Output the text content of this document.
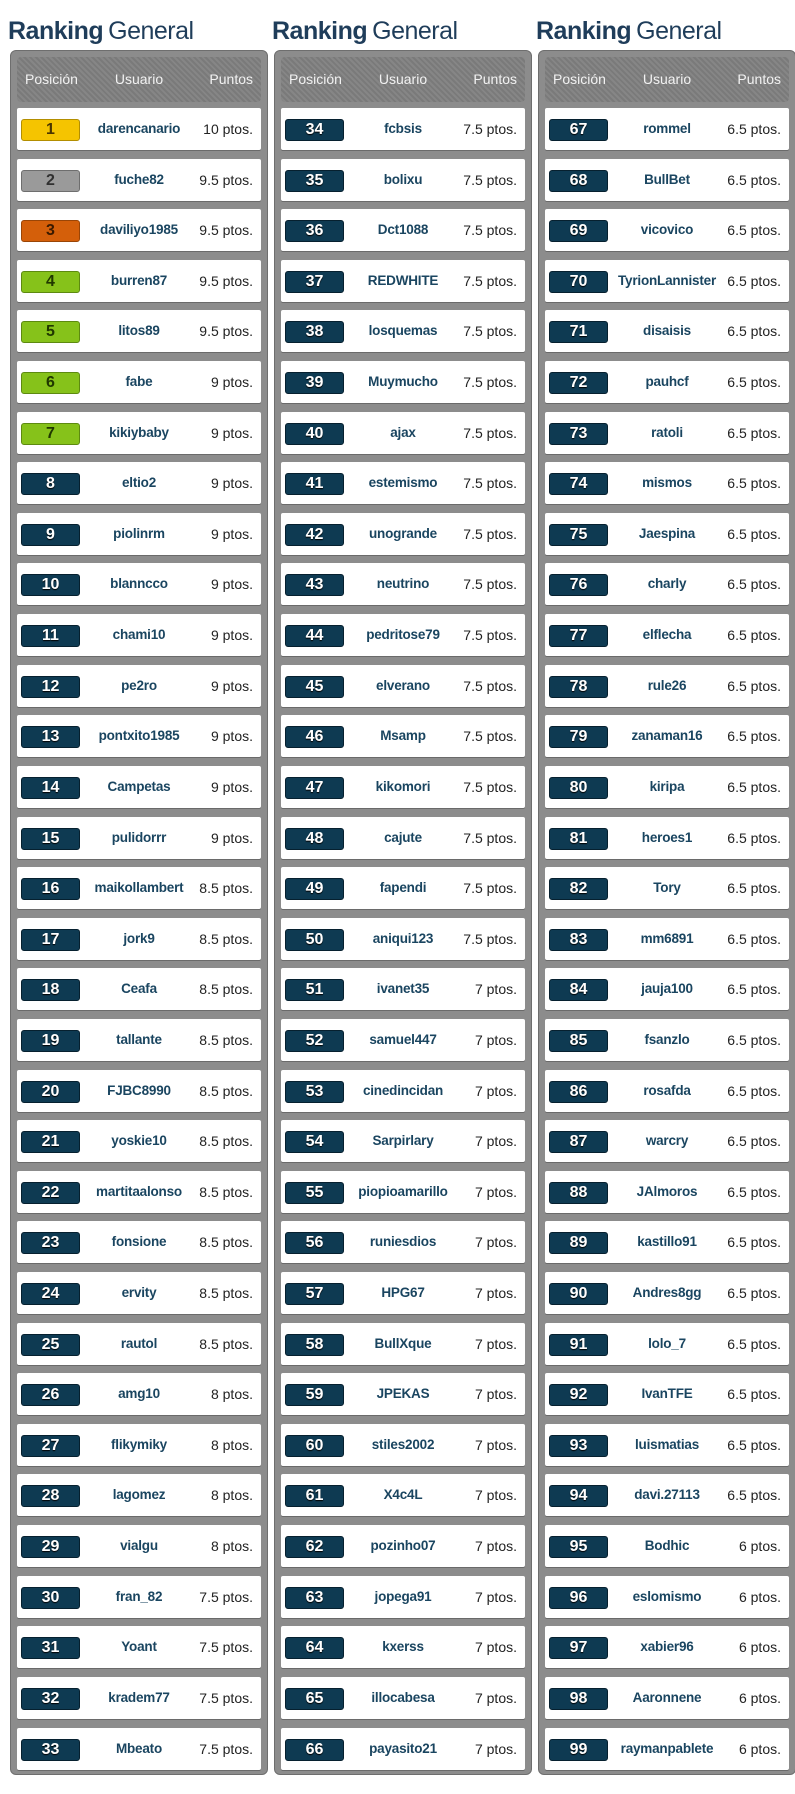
Ranking General
Posición	Usuario	Puntos
1	darencanario	10 ptos.
2	fuche82	9.5 ptos.
3	daviliyo1985	9.5 ptos.
4	burren87	9.5 ptos.
5	litos89	9.5 ptos.
6	fabe	9 ptos.
7	kikiybaby	9 ptos.
8	eltio2	9 ptos.
9	piolinrm	9 ptos.
10	blanncco	9 ptos.
11	chami10	9 ptos.
12	pe2ro	9 ptos.
13	pontxito1985	9 ptos.
14	Campetas	9 ptos.
15	pulidorrr	9 ptos.
16	maikollambert	8.5 ptos.
17	jork9	8.5 ptos.
18	Ceafa	8.5 ptos.
19	tallante	8.5 ptos.
20	FJBC8990	8.5 ptos.
21	yoskie10	8.5 ptos.
22	martitaalonso	8.5 ptos.
23	fonsione	8.5 ptos.
24	ervity	8.5 ptos.
25	rautol	8.5 ptos.
26	amg10	8 ptos.
27	flikymiky	8 ptos.
28	lagomez	8 ptos.
29	vialgu	8 ptos.
30	fran_82	7.5 ptos.
31	Yoant	7.5 ptos.
32	kradem77	7.5 ptos.
33	Mbeato	7.5 ptos.
Ranking General
Posición	Usuario	Puntos
34	fcbsis	7.5 ptos.
35	bolixu	7.5 ptos.
36	Dct1088	7.5 ptos.
37	REDWHITE	7.5 ptos.
38	losquemas	7.5 ptos.
39	Muymucho	7.5 ptos.
40	ajax	7.5 ptos.
41	estemismo	7.5 ptos.
42	unogrande	7.5 ptos.
43	neutrino	7.5 ptos.
44	pedritose79	7.5 ptos.
45	elverano	7.5 ptos.
46	Msamp	7.5 ptos.
47	kikomori	7.5 ptos.
48	cajute	7.5 ptos.
49	fapendi	7.5 ptos.
50	aniqui123	7.5 ptos.
51	ivanet35	7 ptos.
52	samuel447	7 ptos.
53	cinedincidan	7 ptos.
54	Sarpirlary	7 ptos.
55	piopioamarillo	7 ptos.
56	runiesdios	7 ptos.
57	HPG67	7 ptos.
58	BullXque	7 ptos.
59	JPEKAS	7 ptos.
60	stiles2002	7 ptos.
61	X4c4L	7 ptos.
62	pozinho07	7 ptos.
63	jopega91	7 ptos.
64	kxerss	7 ptos.
65	illocabesa	7 ptos.
66	payasito21	7 ptos.
Ranking General
Posición	Usuario	Puntos
67	rommel	6.5 ptos.
68	BullBet	6.5 ptos.
69	vicovico	6.5 ptos.
70	TyrionLannister 6.5 ptos.
71	disaisis	6.5 ptos.
72	pauhcf	6.5 ptos.
73	ratoli	6.5 ptos.
74	mismos	6.5 ptos.
75	Jaespina	6.5 ptos.
76	charly	6.5 ptos.
77	elflecha	6.5 ptos.
78	rule26	6.5 ptos.
79	zanaman16	6.5 ptos.
80	kiripa	6.5 ptos.
81	heroes1	6.5 ptos.
82	Tory	6.5 ptos.
83	mm6891	6.5 ptos.
84	jauja100	6.5 ptos.
85	fsanzlo	6.5 ptos.
86	rosafda	6.5 ptos.
87	warcry	6.5 ptos.
88	JAlmoros	6.5 ptos.
89	kastillo91	6.5 ptos.
90	Andres8gg	6.5 ptos.
91	lolo_7	6.5 ptos.
92	IvanTFE	6.5 ptos.
93	luismatias	6.5 ptos.
94	davi.27113	6.5 ptos.
95	Bodhic	6 ptos.
96	eslomismo	6 ptos.
97	xabier96	6 ptos.
98	Aaronnene	6 ptos.
99	raymanpablete	6 ptos.
